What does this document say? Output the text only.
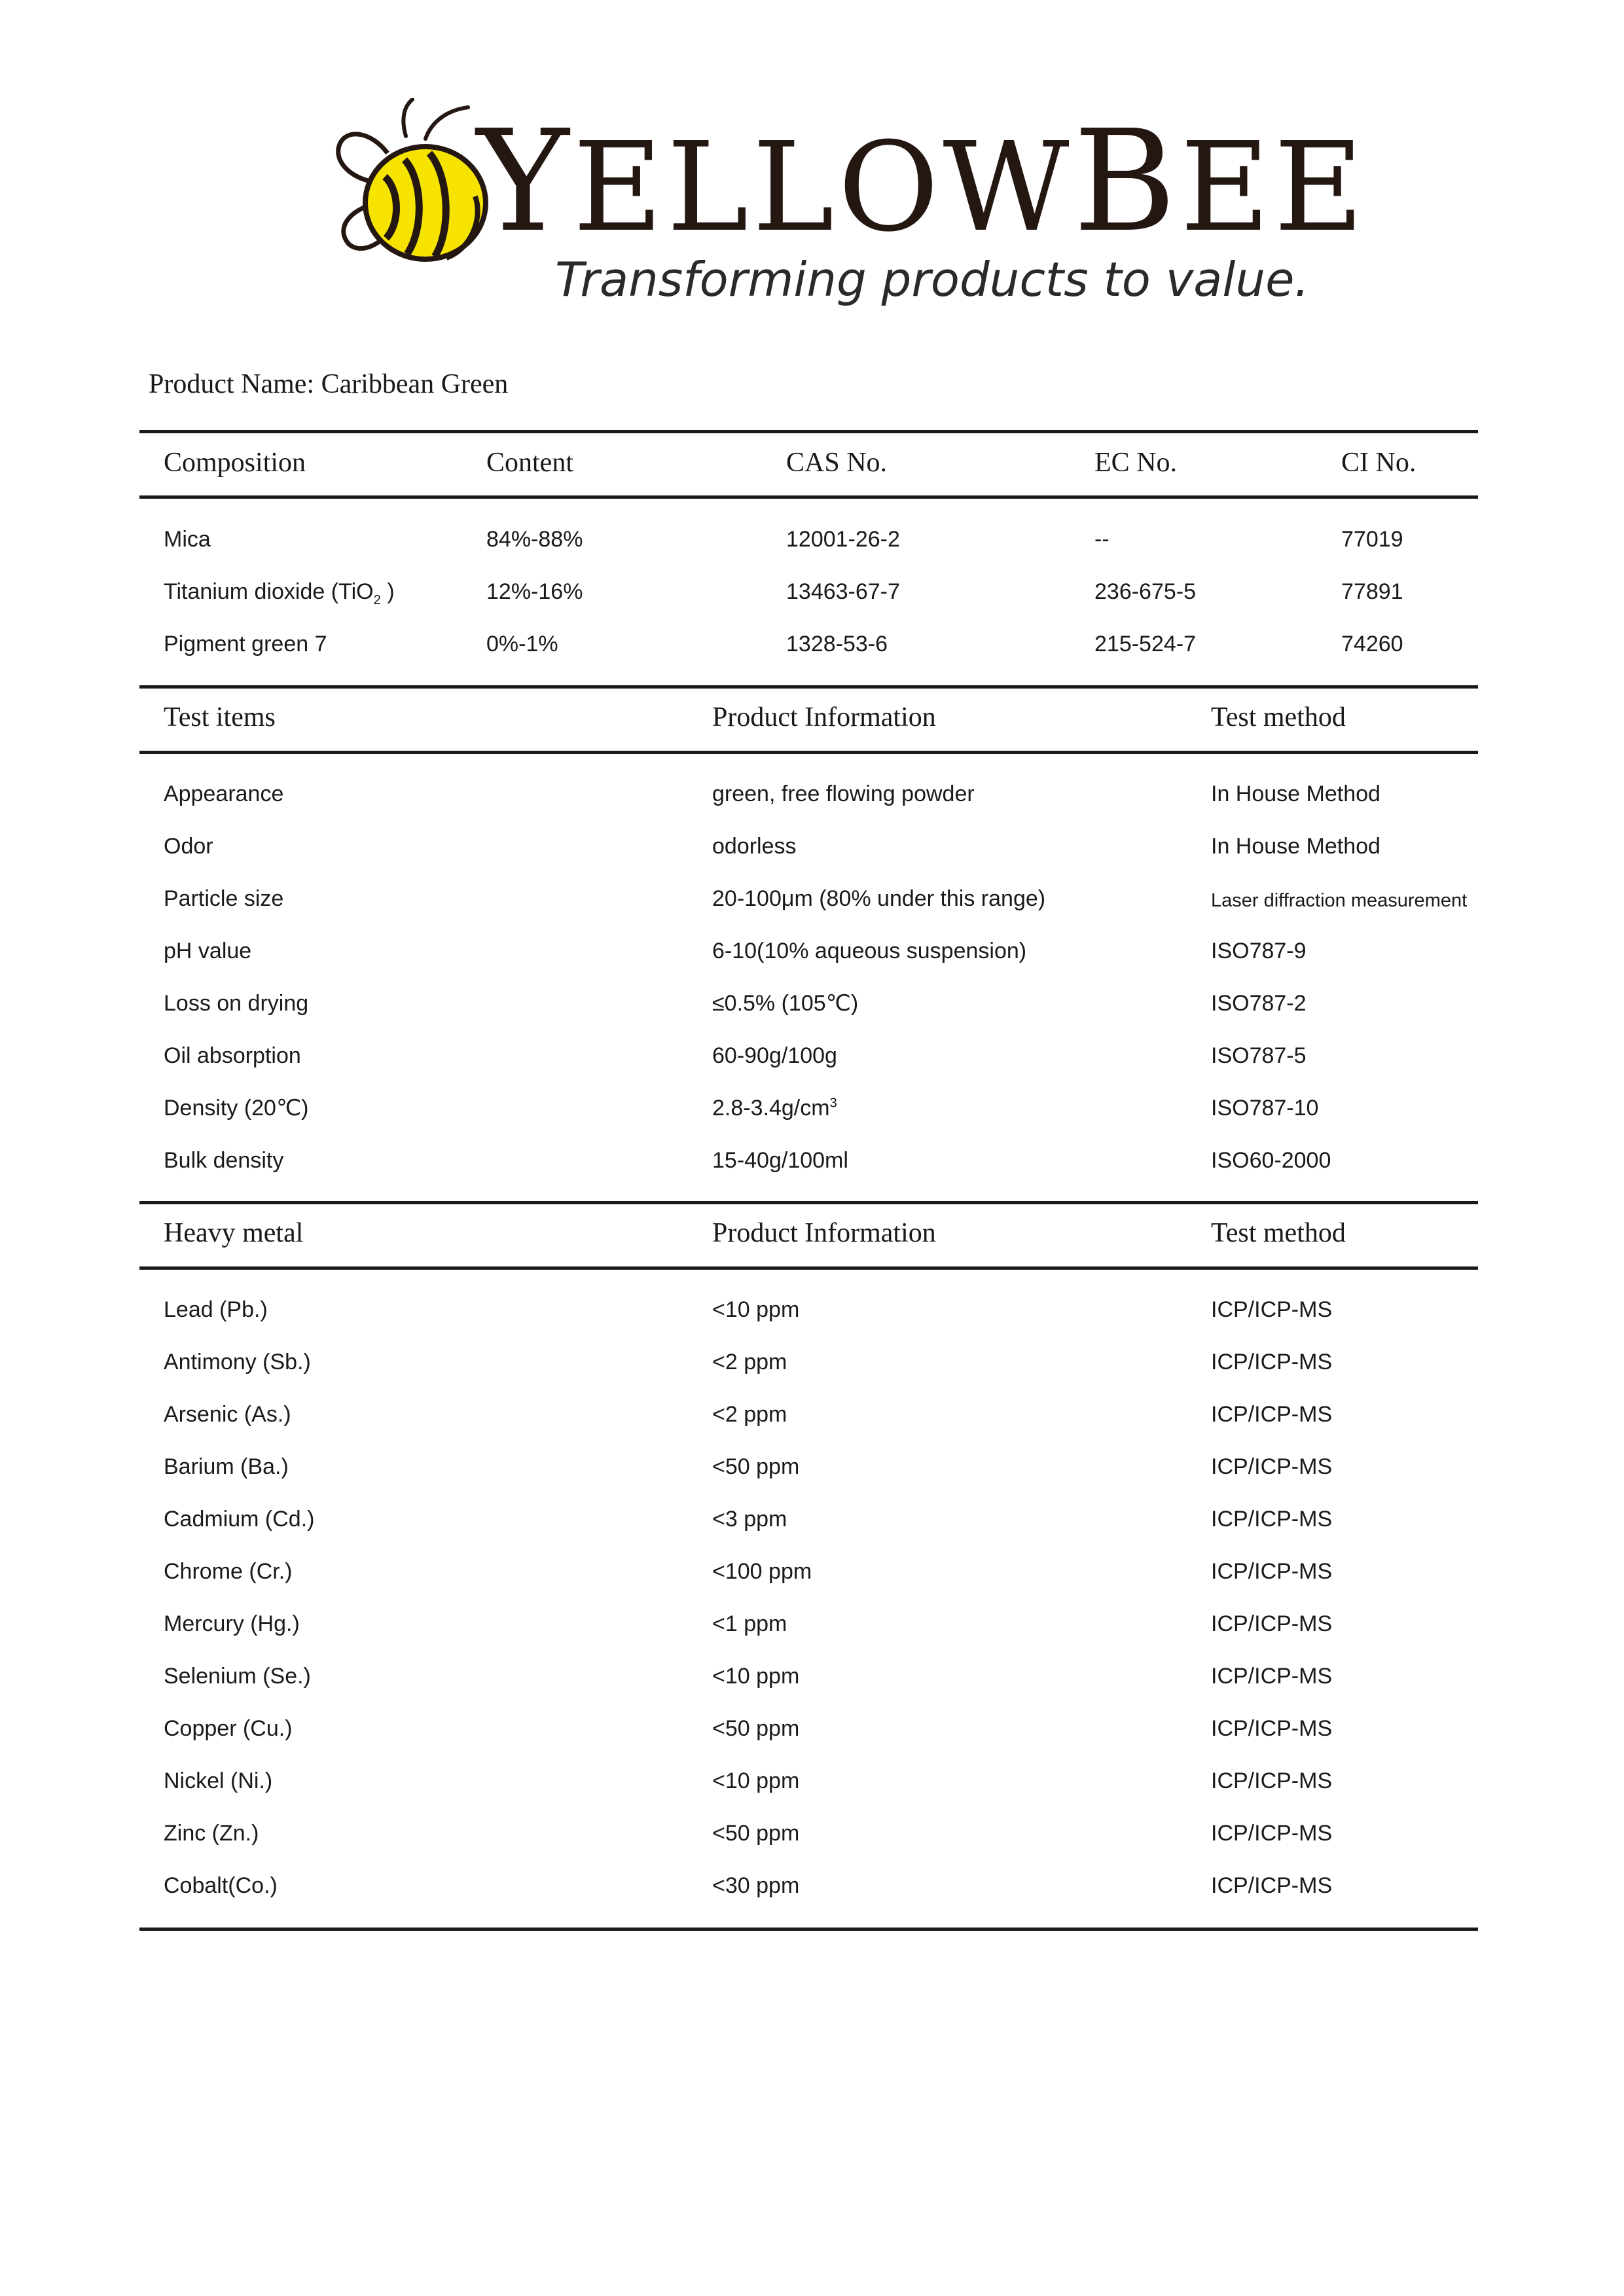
YELLOWBEE
Transforming products to value.
Product Name: Caribbean Green
Composition	Content	CAS No.	EC No.	CI No.
Mica	84%-88%	12001-26-2	--	77019
Titanium dioxide (TiO$_2$ )	12%-16%	13463-67-7	236-675-5	77891
Pigment green 7	0%-1%	1328-53-6	215-524-7	74260
Test items	Product Information	Test method
Appearance	green, free flowing powder	In House Method
Odor	odorless	In House Method
Particle size	20-100μm (80% under this range)	Laser diffraction measurement
pH value	6-10(10% aqueous suspension)	ISO787-9
Loss on drying	≤0.5% (105℃)	ISO787-2
Oil absorption	60-90g/100g	ISO787-5
Density (20℃)	$2.8-3.4g/cm^3$	ISO787-10
Bulk density	15-40g/100ml	ISO60-2000
Heavy metal	Product Information	Test method
Lead (Pb.)	<10 ppm	ICP/ICP-MS
Antimony (Sb.)	<2 ppm	ICP/ICP-MS
Arsenic (As.)	<2 ppm	ICP/ICP-MS
Barium (Ba.)	<50 ppm	ICP/ICP-MS
Cadmium (Cd.)	<3 ppm	ICP/ICP-MS
Chrome (Cr.)	<100 ppm	ICP/ICP-MS
Mercury (Hg.)	<1 ppm	ICP/ICP-MS
Selenium (Se.)	<10 ppm	ICP/ICP-MS
Copper (Cu.)	<50 ppm	ICP/ICP-MS
Nickel (Ni.)	<10 ppm	ICP/ICP-MS
Zinc (Zn.)	<50 ppm	ICP/ICP-MS
Cobalt(Co.)	<30 ppm	ICP/ICP-MS
